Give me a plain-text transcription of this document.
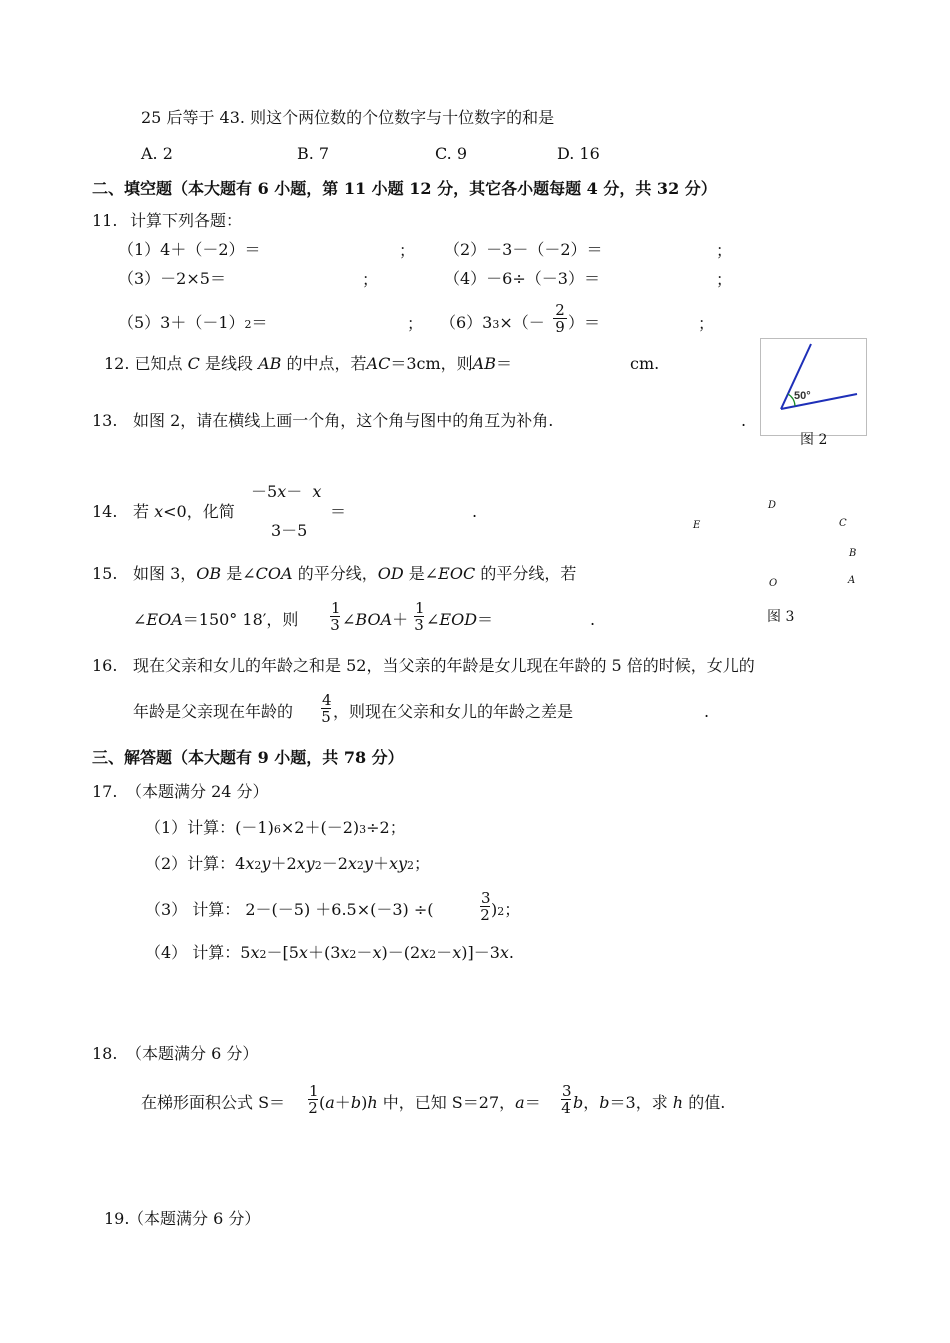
25 后等于 43. 则这个两位数的个位数字与十位数字的和是
A. 2	B. 7	C. 9	D. 16
二、填空题（本大题有 6 小题，第 11 小题 12 分，其它各小题每题 4 分，共 32 分）
11. 计算下列各题：
（1）4＋（－2）＝	； （2）－3－（－2）＝	；
（3）－2×5＝	；	（4）－6÷（－3）＝	；
（5）3＋（－1）2＝	； $(6)33\times(- \frac{2}{9}$ ）＝	；
12. 已知点 C 是线段 AB 的中点，若AC＝3cm，则AB＝	cm.
50°
图 2
13. 如图 2，请在横线上画一个角，这个角与图中的角互为补角.	.
14. 若 x<0，化简
－5x－ x
3－5
＝	.	D
C
E
B
O	A
图 3
15. 如图 3，OB 是∠COA 的平分线，OD 是∠EOC 的平分线，若
∠EOA＝150° 18′，则 $\frac{1}{3}$ ∠BOA＋ $\frac{1}{3}$ ∠EOD＝	.
16. 现在父亲和女儿的年龄之和是 52，当父亲的年龄是女儿现在年龄的 5 倍的时候，女儿的
年龄是父亲现在年龄的 $\frac{4}{5}$ ，则现在父亲和女儿的年龄之差是	.
三、解答题（本大题有 9 小题，共 78 分）
17. （本题满分 24 分）
（1）计算：(－1)6×2＋(－2)3÷2；
（2）计算：4x2y＋2xy2－2x2y＋xy2；
（3） 计算： 2－(－5) ＋6.5×(－3) ÷(	$\frac{3}{2} )2$；
（4） 计算：5x2－[5x＋(3x2－x)－(2x2－x)]－3x.
18. （本题满分 6 分）
在梯形面积公式 $S= \frac{1}{2} (a+b)h$ 中，已知 S＝27，$a= \frac{3}{4}$ b，b＝3，求 h 的值.
19.
（本题满分 6 分）
